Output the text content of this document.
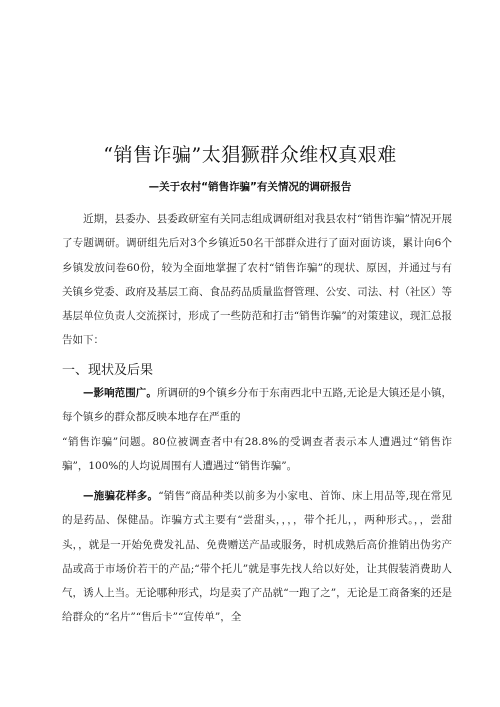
“销售诈骗”太猖獗群众维权真艰难
—关于农村“销售诈骗”有关情况的调研报告
近期，县委办、县委政研室有关同志组成调研组对我县农村“销售诈骗”情况开展了专题调研。调研组先后对3个乡镇近50名干部群众进行了面对面访谈，累计向6个乡镇发放问卷60份，较为全面地掌握了农村“销售诈骗”的现状、原因，并通过与有关镇乡党委、政府及基层工商、食品药品质量监督管理、公安、司法、村（社区）等基层单位负责人交流探讨，形成了一些防范和打击“销售诈骗”的对策建议，现汇总报告如下：
一、现状及后果
—影响范围广。所调研的9个镇乡分布于东南西北中五路,无论是大镇还是小镇，每个镇乡的群众都反映本地存在严重的
“销售诈骗”问题。80位被调查者中有28.8%的受调查者表示本人遭遇过“销售诈骗”，100%的人均说周围有人遭遇过“销售诈骗”。
—施骗花样多。“销售”商品种类以前多为小家电、首饰、床上用品等,现在常见的是药品、保健品。诈骗方式主要有“尝甜头，，，，带个托儿，，两种形式。，，尝甜头，，就是一开始免费发礼品、免费赠送产品或服务，时机成熟后高价推销出伪劣产品或高于市场价若干的产品;“带个托儿”就是事先找人给以好处，让其假装消费助人气，诱人上当。无论哪种形式，均是卖了产品就“一跑了之”，无论是工商备案的还是给群众的“名片”“售后卡”“宣传单”，全
